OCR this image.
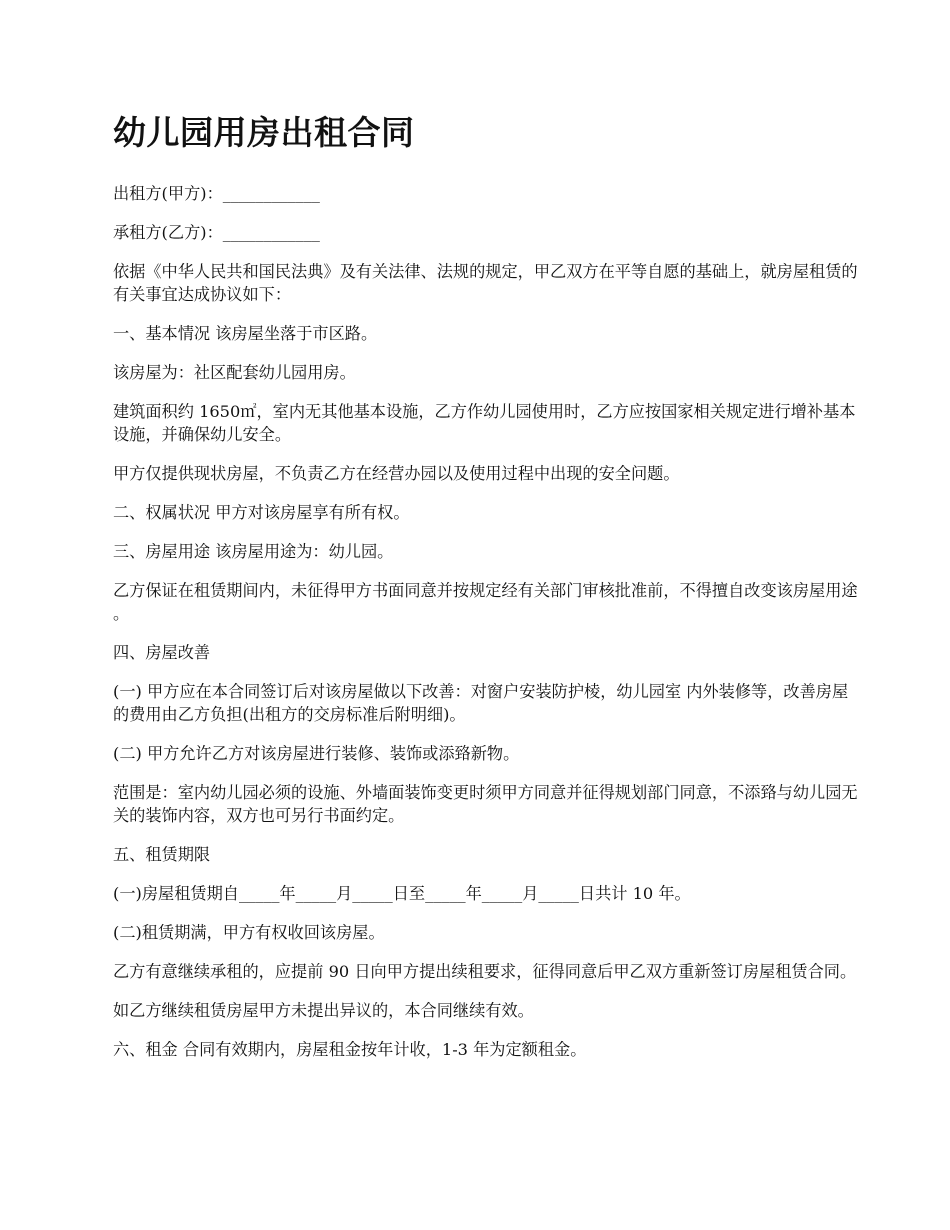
幼儿园用房出租合同

出租方(甲方)：____________

承租方(乙方)：____________

依据《中华人民共和国民法典》及有关法律、法规的规定，甲乙双方在平等自愿的基础上，就房屋租赁的有关事宜达成协议如下：

一、基本情况 该房屋坐落于市区路。

该房屋为：社区配套幼儿园用房。

建筑面积约 1650㎡，室内无其他基本设施，乙方作幼儿园使用时，乙方应按国家相关规定进行增补基本设施，并确保幼儿安全。

甲方仅提供现状房屋，不负责乙方在经营办园以及使用过程中出现的安全问题。

二、权属状况 甲方对该房屋享有所有权。

三、房屋用途 该房屋用途为：幼儿园。

乙方保证在租赁期间内，未征得甲方书面同意并按规定经有关部门审核批准前，不得擅自改变该房屋用途 。

四、房屋改善

(一) 甲方应在本合同签订后对该房屋做以下改善：对窗户安装防护棱，幼儿园室 内外装修等，改善房屋的费用由乙方负担(出租方的交房标准后附明细)。

(二) 甲方允许乙方对该房屋进行装修、装饰或添臵新物。

范围是：室内幼儿园必须的设施、外墙面装饰变更时须甲方同意并征得规划部门同意，不添臵与幼儿园无关的装饰内容，双方也可另行书面约定。

五、租赁期限

(一)房屋租赁期自_____年_____月_____日至_____年_____月_____日共计 10 年。

(二)租赁期满，甲方有权收回该房屋。

乙方有意继续承租的，应提前 90 日向甲方提出续租要求，征得同意后甲乙双方重新签订房屋租赁合同。

如乙方继续租赁房屋甲方未提出异议的，本合同继续有效。

六、租金 合同有效期内，房屋租金按年计收，1-3 年为定额租金。
